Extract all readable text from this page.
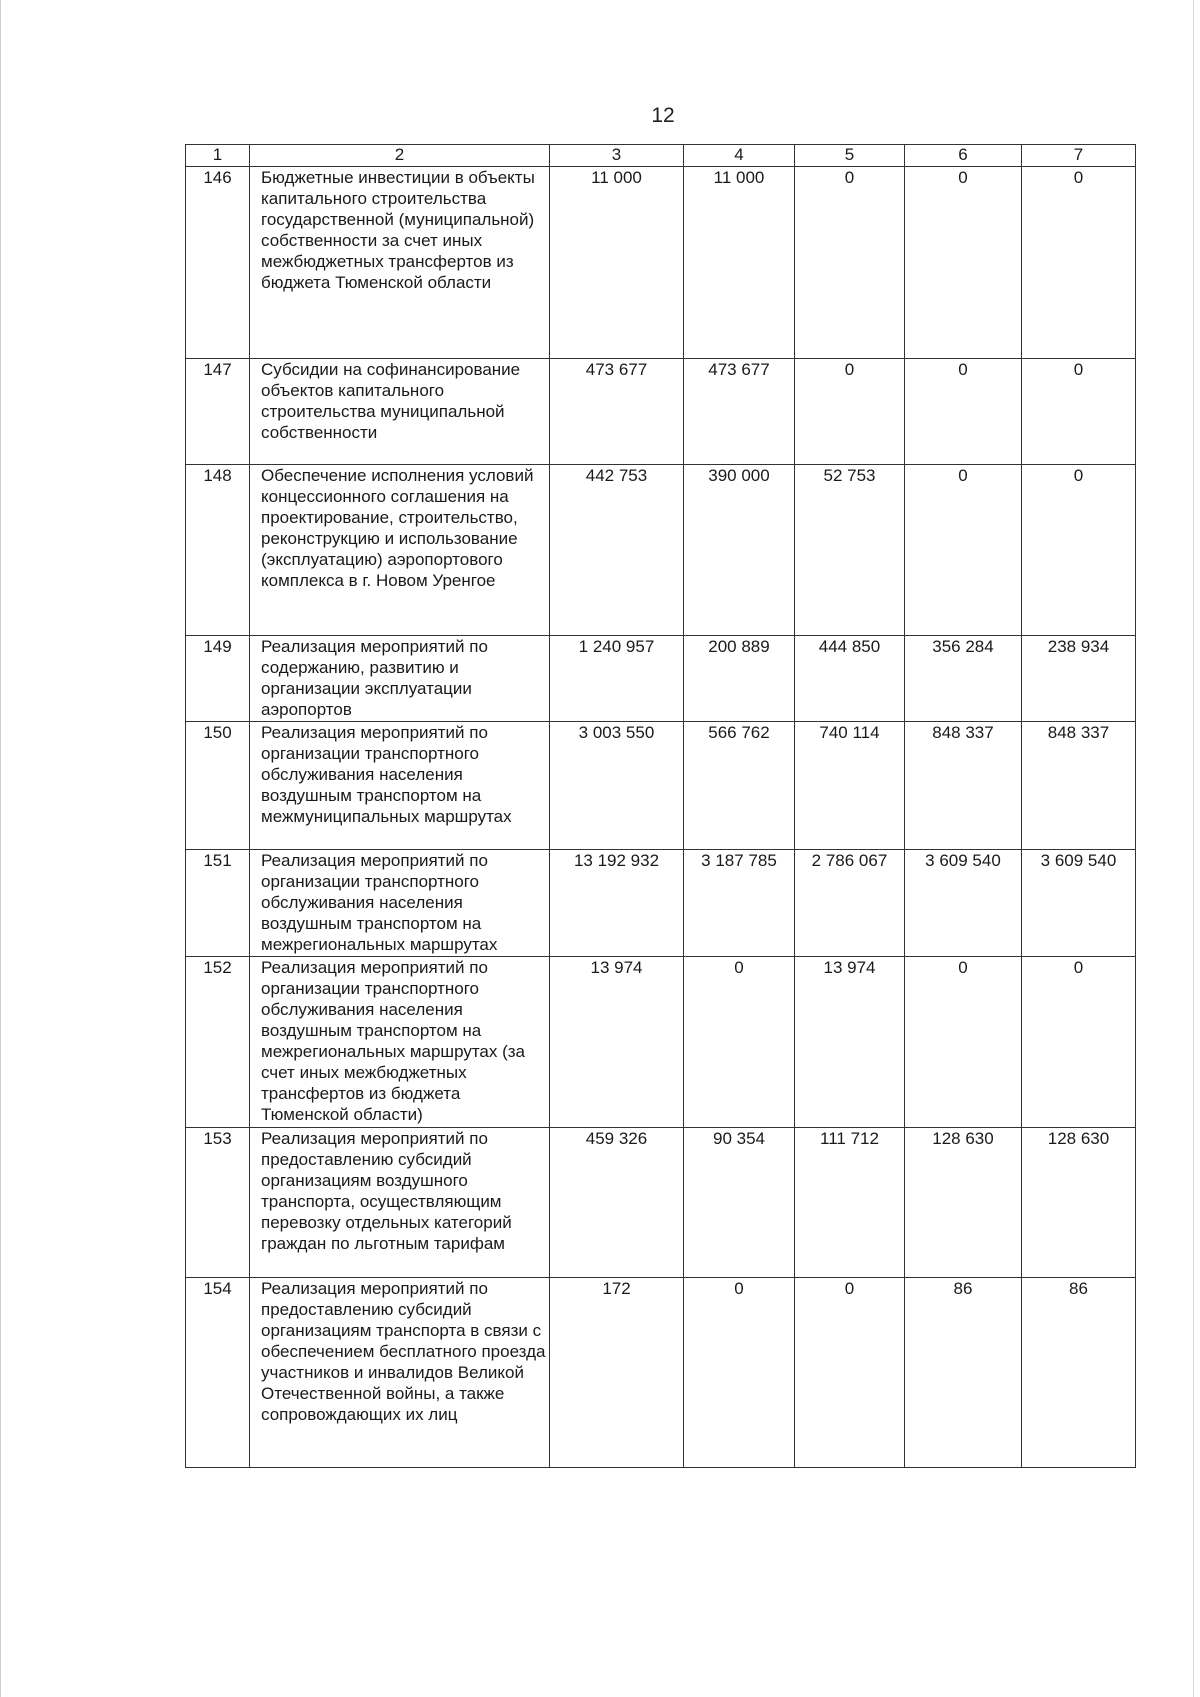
12
1	2	3	4	5	6	7
146	Бюджетные инвестиции в объекты капитального строительства государственной (муниципальной) собственности за счет иных межбюджетных трансфертов из бюджета Тюменской области	11 000	11 000	0	0	0
147	Субсидии на софинансирование объектов капитального строительства муниципальной собственности	473 677	473 677	0	0	0
148	Обеспечение исполнения условий концессионного соглашения на проектирование, строительство, реконструкцию и использование (эксплуатацию) аэропортового комплекса в г. Новом Уренгое	442 753	390 000	52 753	0	0
149	Реализация мероприятий по содержанию, развитию и организации эксплуатации аэропортов	1 240 957	200 889	444 850	356 284	238 934
150	Реализация мероприятий по организации транспортного обслуживания населения воздушным транспортом на межмуниципальных маршрутах	3 003 550	566 762	740 114	848 337	848 337
151	Реализация мероприятий по организации транспортного обслуживания населения воздушным транспортом на межрегиональных маршрутах	13 192 932	3 187 785	2 786 067	3 609 540	3 609 540
152	Реализация мероприятий по организации транспортного обслуживания населения воздушным транспортом на межрегиональных маршрутах (за счет иных межбюджетных трансфертов из бюджета Тюменской области)	13 974	0	13 974	0	0
153	Реализация мероприятий по предоставлению субсидий организациям воздушного транспорта, осуществляющим перевозку отдельных категорий граждан по льготным тарифам	459 326	90 354	111 712	128 630	128 630
154	Реализация мероприятий по предоставлению субсидий организациям транспорта в связи с обеспечением бесплатного проезда участников и инвалидов Великой Отечественной войны, а также сопровождающих их лиц	172	0	0	86	86
